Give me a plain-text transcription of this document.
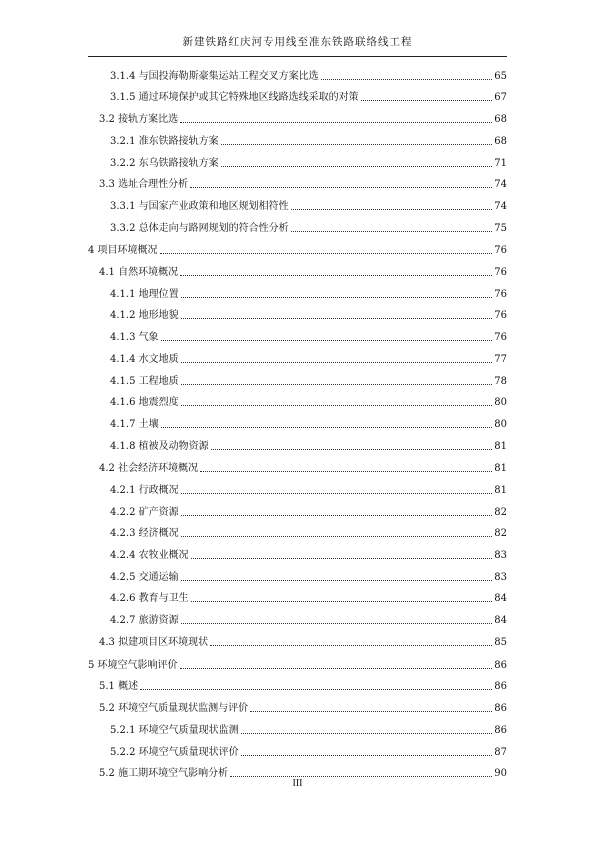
新建铁路红庆河专用线至准东铁路联络线工程
3.1.4 与国投海勒斯豪集运站工程交叉方案比选	65
3.1.5 通过环境保护或其它特殊地区线路选线采取的对策	67
3.2 接轨方案比选	68
3.2.1 准东铁路接轨方案	68
3.2.2 东乌铁路接轨方案	71
3.3 选址合理性分析	74
3.3.1 与国家产业政策和地区规划相符性	74
3.3.2 总体走向与路网规划的符合性分析	75
4 项目环境概况	76
4.1 自然环境概况	76
4.1.1 地理位置	76
4.1.2 地形地貌	76
4.1.3 气象	76
4.1.4 水文地质	77
4.1.5 工程地质	78
4.1.6 地震烈度	80
4.1.7 土壤	80
4.1.8 植被及动物资源	81
4.2 社会经济环境概况	81
4.2.1 行政概况	81
4.2.2 矿产资源	82
4.2.3 经济概况	82
4.2.4 农牧业概况	83
4.2.5 交通运输	83
4.2.6 教育与卫生	84
4.2.7 旅游资源	84
4.3 拟建项目区环境现状	85
5 环境空气影响评价	86
5.1 概述	86
5.2 环境空气质量现状监测与评价	86
5.2.1 环境空气质量现状监测	86
5.2.2 环境空气质量现状评价	87
5.2 施工期环境空气影响分析	90
III
